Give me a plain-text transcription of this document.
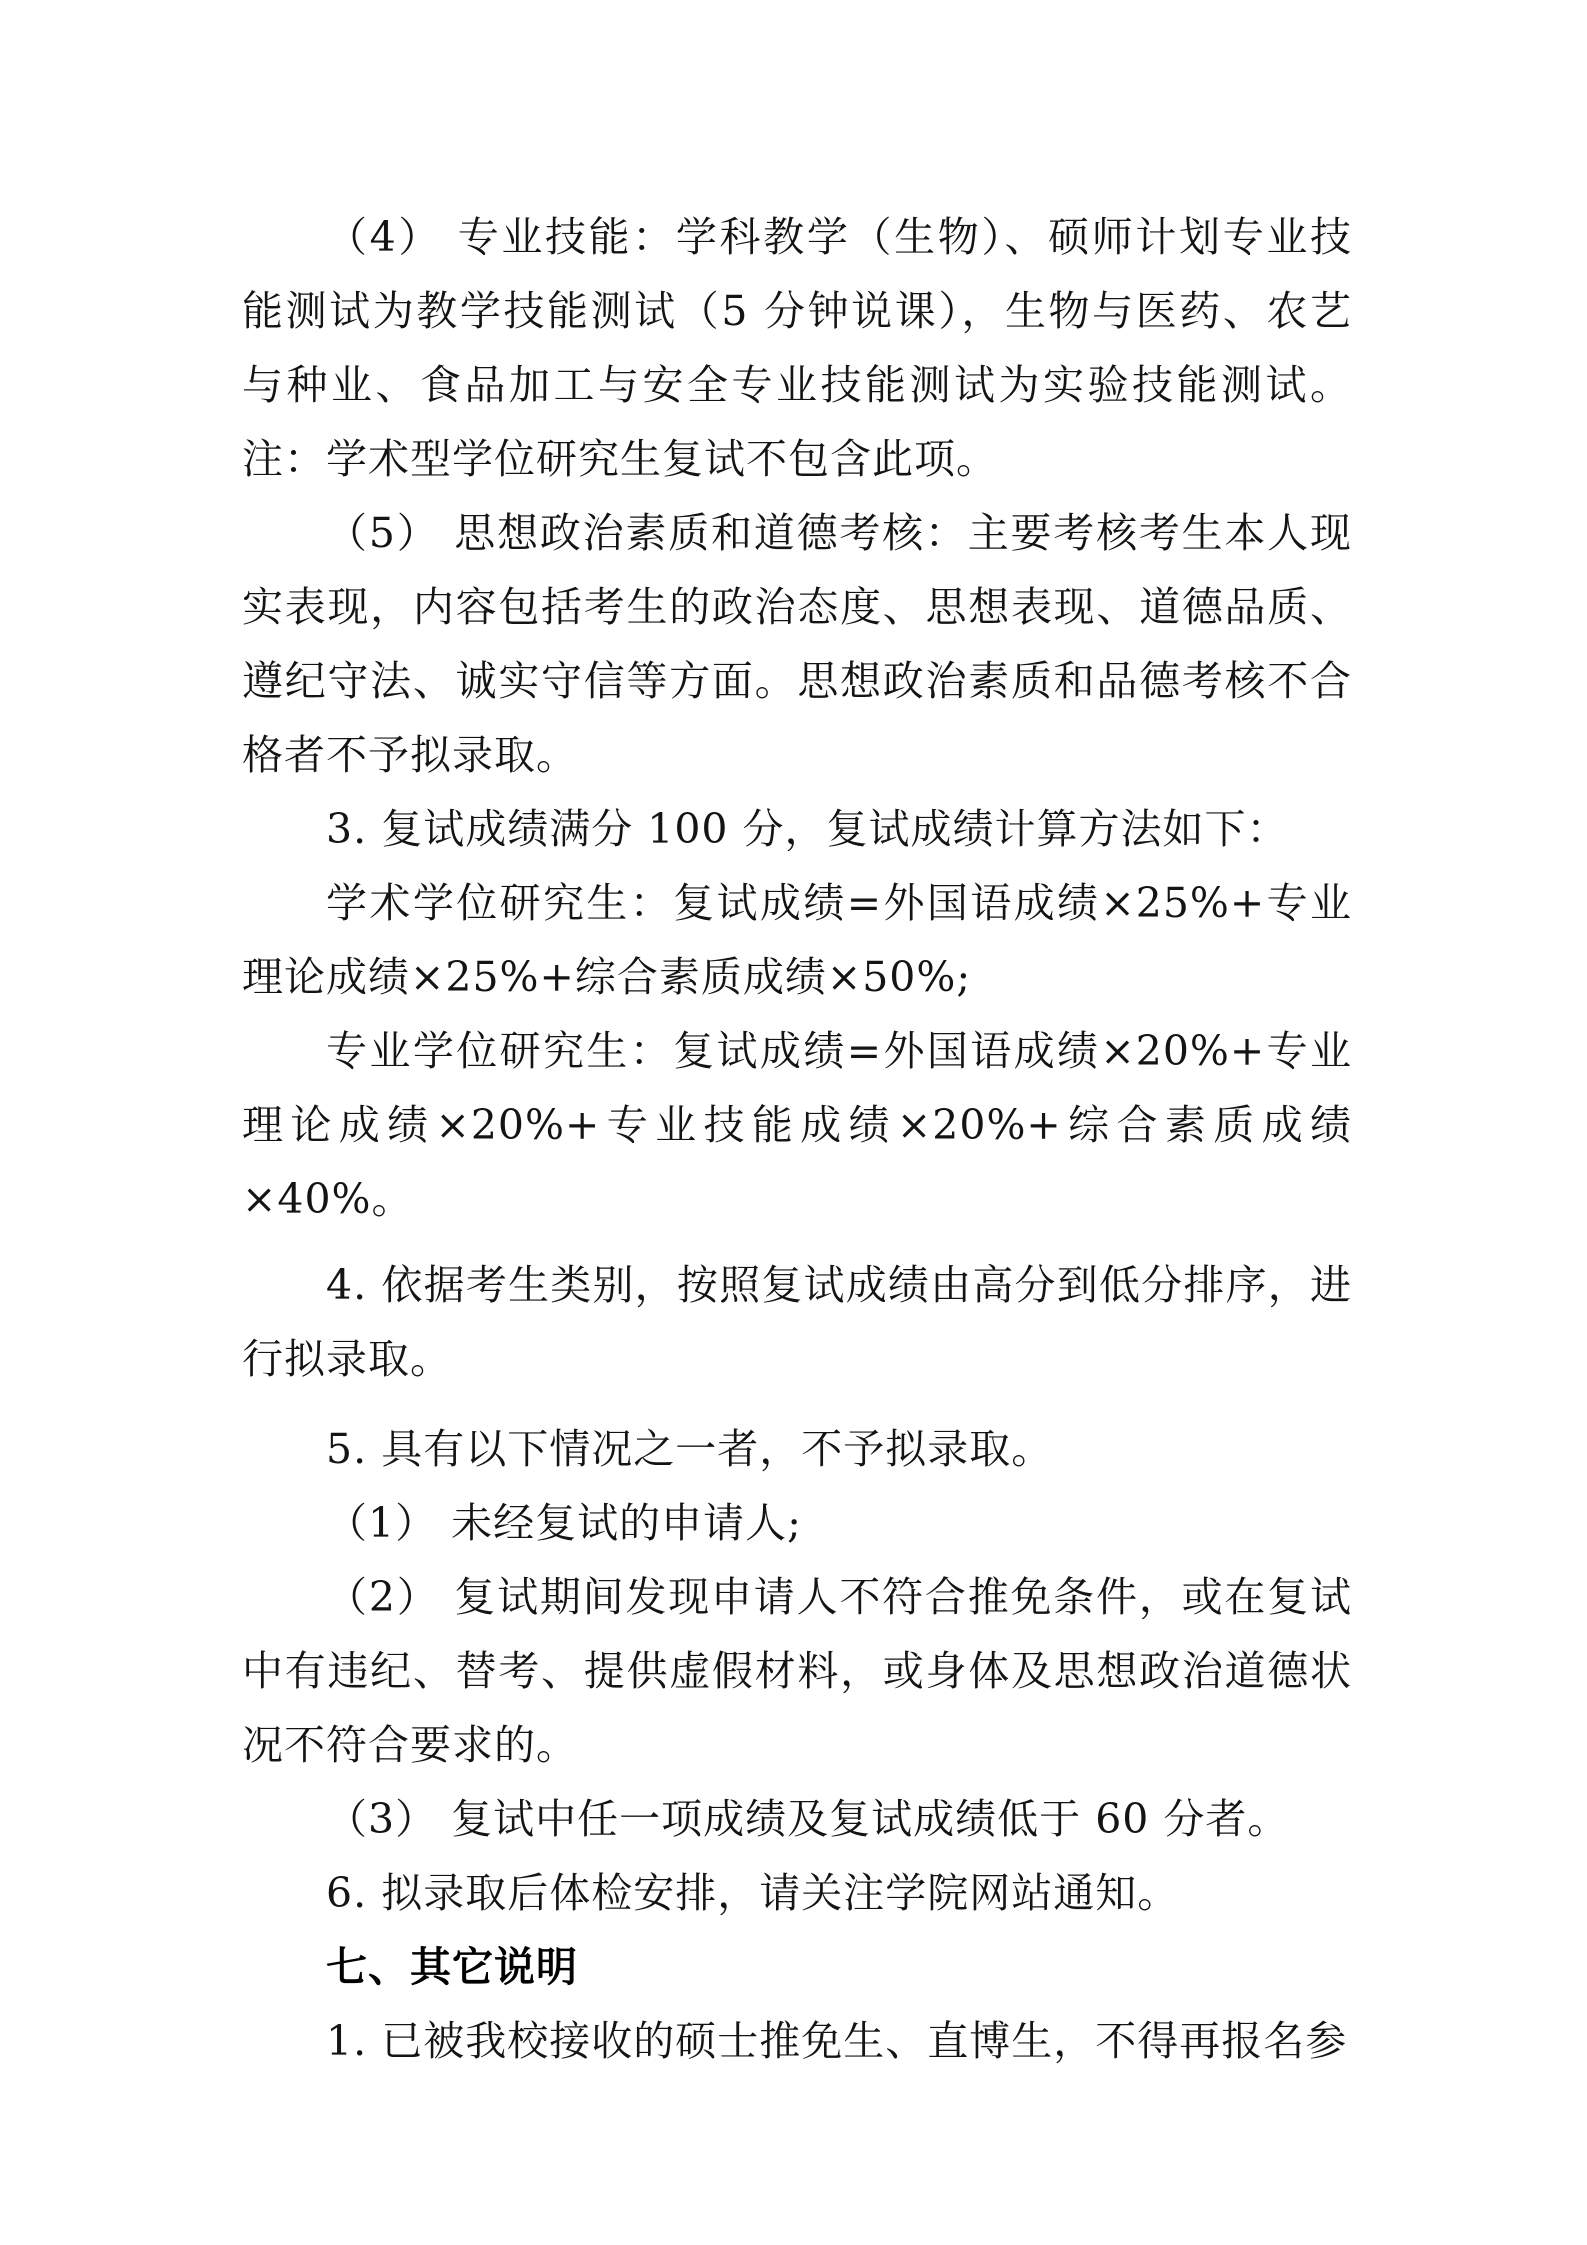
（4） 专业技能：学科教学（生物）、硕师计划专业技能测试为教学技能测试（5 分钟说课），生物与医药、农艺与种业、食品加工与安全专业技能测试为实验技能测试。注：学术型学位研究生复试不包含此项。

（5） 思想政治素质和道德考核：主要考核考生本人现实表现，内容包括考生的政治态度、思想表现、道德品质、遵纪守法、诚实守信等方面。思想政治素质和品德考核不合格者不予拟录取。

3. 复试成绩满分 100 分，复试成绩计算方法如下：

学术学位研究生：复试成绩=外国语成绩×25%+专业理论成绩×25%+综合素质成绩×50%;

专业学位研究生：复试成绩=外国语成绩×20%+专业理论成绩×20%+专业技能成绩×20%+综合素质成绩×40%。

4. 依据考生类别，按照复试成绩由高分到低分排序，进行拟录取。

5. 具有以下情况之一者，不予拟录取。

（1） 未经复试的申请人;

（2） 复试期间发现申请人不符合推免条件，或在复试中有违纪、替考、提供虚假材料，或身体及思想政治道德状况不符合要求的。

（3） 复试中任一项成绩及复试成绩低于 60 分者。

6. 拟录取后体检安排，请关注学院网站通知。

七、其它说明

1. 已被我校接收的硕士推免生、直博生，不得再报名参
